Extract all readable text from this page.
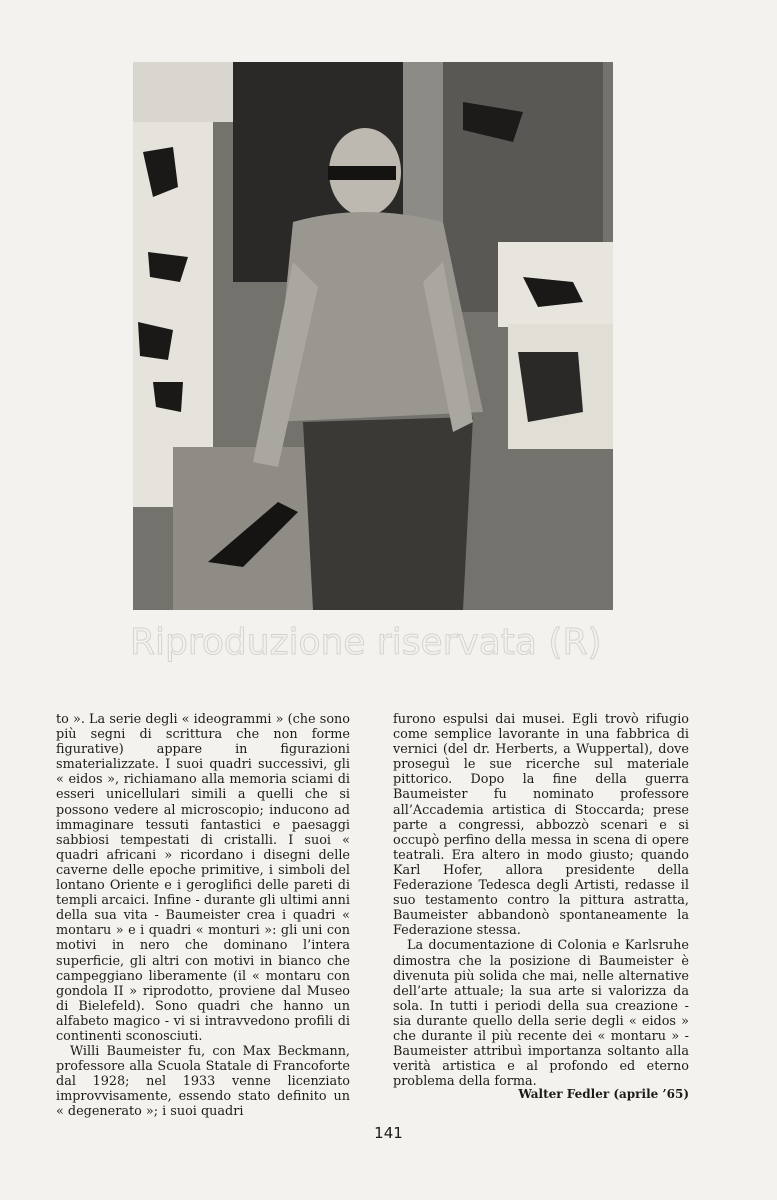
Riproduzione riservata (R)

to ». La serie degli « ideogrammi » (che sono più segni di scrittura che non forme figurative) appare in figurazioni smaterializzate. I suoi quadri successivi, gli « eidos », richiamano alla memoria sciami di esseri unicellulari simili a quelli che si possono vedere al microscopio; inducono ad immaginare tessuti fantastici e paesaggi sabbiosi tempestati di cristalli. I suoi « quadri africani » ricordano i disegni delle caverne delle epoche primitive, i simboli del lontano Oriente e i geroglifici delle pareti di templi arcaici. Infine - durante gli ultimi anni della sua vita - Baumeister crea i quadri « montaru » e i quadri « monturi »: gli uni con motivi in nero che dominano l’intera superficie, gli altri con motivi in bianco che campeggiano liberamente (il « montaru con gondola II » riprodotto, proviene dal Museo di Bielefeld). Sono quadri che hanno un alfabeto magico - vi si intravvedono profili di continenti sconosciuti.

Willi Baumeister fu, con Max Beckmann, professore alla Scuola Statale di Francoforte dal 1928; nel 1933 venne licenziato improvvisamente, essendo stato definito un « degenerato »; i suoi quadri

furono espulsi dai musei. Egli trovò rifugio come semplice lavorante in una fabbrica di vernici (del dr. Herberts, a Wuppertal), dove proseguì le sue ricerche sul materiale pittorico. Dopo la fine della guerra Baumeister fu nominato professore all’Accademia artistica di Stoccarda; prese parte a congressi, abbozzò scenari e si occupò perfino della messa in scena di opere teatrali. Era altero in modo giusto; quando Karl Hofer, allora presidente della Federazione Tedesca degli Artisti, redasse il suo testamento contro la pittura astratta, Baumeister abbandonò spontaneamente la Federazione stessa.

La documentazione di Colonia e Karlsruhe dimostra che la posizione di Baumeister è divenuta più solida che mai, nelle alternative dell’arte attuale; la sua arte si valorizza da sola. In tutti i periodi della sua creazione - sia durante quello della serie degli « eidos » che durante il più recente dei « montaru » - Baumeister attribuì importanza soltanto alla verità artistica e al profondo ed eterno problema della forma.

Walter Fedler (aprile ’65)
141
